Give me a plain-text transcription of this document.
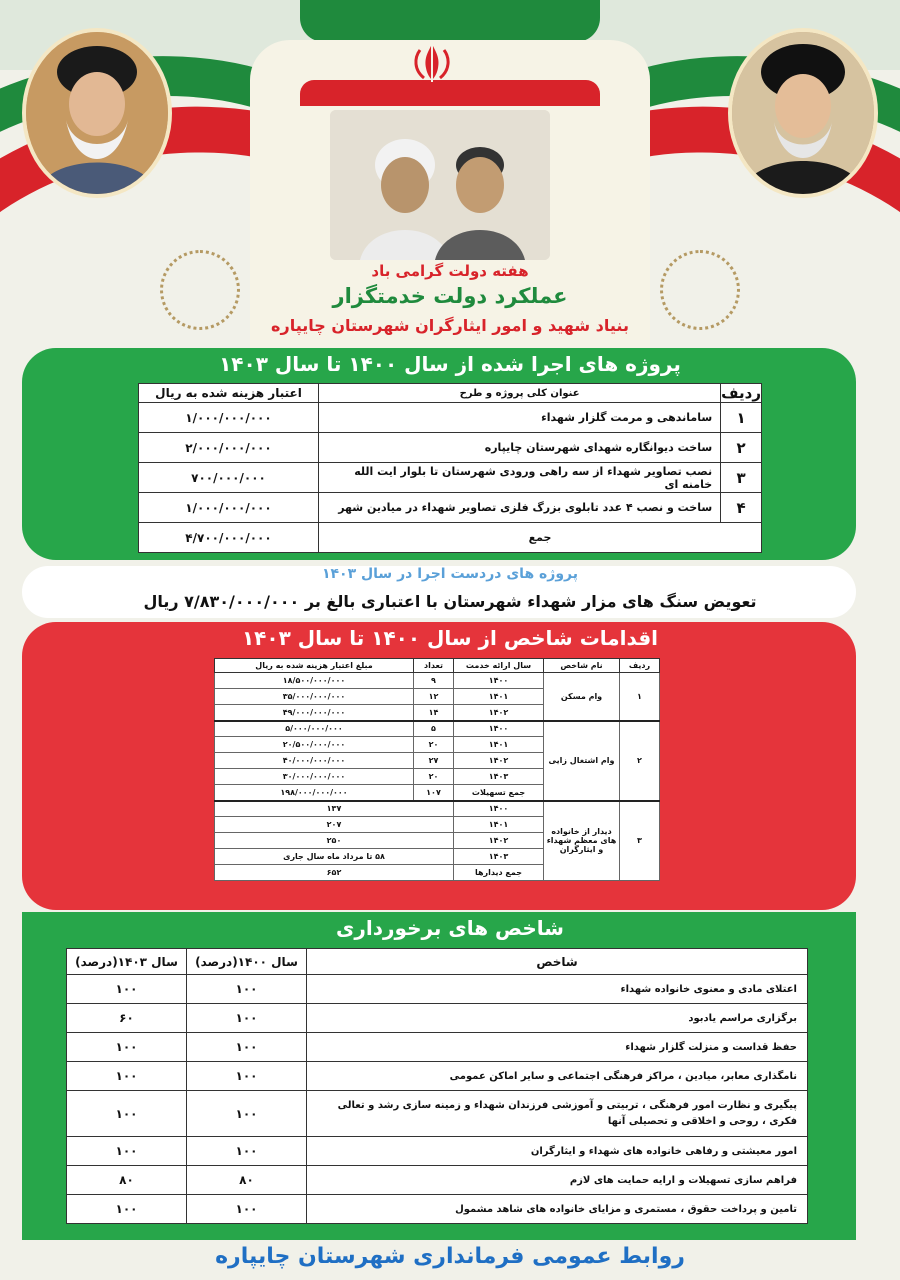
هفته دولت گرامی باد
عملکرد دولت خدمتگزار
بنیاد شهید و امور ایثارگران شهرستان چایپاره
پروژه های اجرا شده از سال ۱۴۰۰ تا سال ۱۴۰۳
ردیف	عنوان کلی پروژه و طرح	اعتبار هزینه شده به ریال
۱	ساماندهی و مرمت گلزار شهداء	۱/۰۰۰/۰۰۰/۰۰۰
۲	ساخت دیوانگاره شهدای شهرستان چایپاره	۲/۰۰۰/۰۰۰/۰۰۰
۳	نصب تصاویر شهداء از سه راهی ورودی شهرستان تا بلوار ایت الله خامنه ای	۷۰۰/۰۰۰/۰۰۰
۴	ساخت و نصب ۴ عدد تابلوی بزرگ فلزی تصاویر شهداء در میادین شهر	۱/۰۰۰/۰۰۰/۰۰۰
جمع		۴/۷۰۰/۰۰۰/۰۰۰
پروژه های دردست اجرا در سال ۱۴۰۳
تعویض سنگ های مزار شهداء شهرستان با اعتباری بالغ بر ۷/۸۳۰/۰۰۰/۰۰۰ ریال
اقدامات شاخص از سال ۱۴۰۰ تا سال ۱۴۰۳
ردیف	نام شاخص	سال ارائه خدمت	تعداد	مبلغ اعتبار هزینه شده به ریال
۱	وام مسکن	۱۴۰۰	۹	۱۸/۵۰۰/۰۰۰/۰۰۰
		۱۴۰۱	۱۲	۳۵/۰۰۰/۰۰۰/۰۰۰
		۱۴۰۲	۱۴	۴۹/۰۰۰/۰۰۰/۰۰۰
۲	وام اشتغال زایی	۱۴۰۰	۵	۵/۰۰۰/۰۰۰/۰۰۰
		۱۴۰۱	۲۰	۲۰/۵۰۰/۰۰۰/۰۰۰
		۱۴۰۲	۲۷	۴۰/۰۰۰/۰۰۰/۰۰۰
		۱۴۰۳	۲۰	۳۰/۰۰۰/۰۰۰/۰۰۰
		جمع تسهیلات	۱۰۷	۱۹۸/۰۰۰/۰۰۰/۰۰۰
۳	دیدار از خانواده های معظم شهداء و ایثارگران	۱۴۰۰	۱۳۷	
		۱۴۰۱	۲۰۷	
		۱۴۰۲	۲۵۰	
		۱۴۰۳	۵۸ تا مرداد ماه سال جاری	
		جمع دیدارها	۶۵۲	
شاخص های برخورداری
شاخص	سال ۱۴۰۰(درصد)	سال ۱۴۰۳(درصد)
اعتلای مادی و معنوی خانواده شهداء	۱۰۰	۱۰۰
برگزاری مراسم یادبود	۱۰۰	۶۰
حفظ قداست و منزلت گلزار شهداء	۱۰۰	۱۰۰
نامگذاری معابر، میادین ، مراکز فرهنگی اجتماعی و سایر اماکن عمومی	۱۰۰	۱۰۰
پیگیری و نظارت امور فرهنگی ، تربیتی و آموزشی فرزندان شهداء و زمینه سازی رشد و تعالی فکری ، روحی و اخلاقی و تحصیلی آنها	۱۰۰	۱۰۰
امور معیشتی و رفاهی خانواده های شهداء و ایثارگران	۱۰۰	۱۰۰
فراهم سازی تسهیلات و ارایه حمایت های لازم	۸۰	۸۰
تامین و پرداخت حقوق ، مستمری و مزایای خانواده های شاهد مشمول	۱۰۰	۱۰۰
روابط عمومی فرمانداری شهرستان چایپاره
